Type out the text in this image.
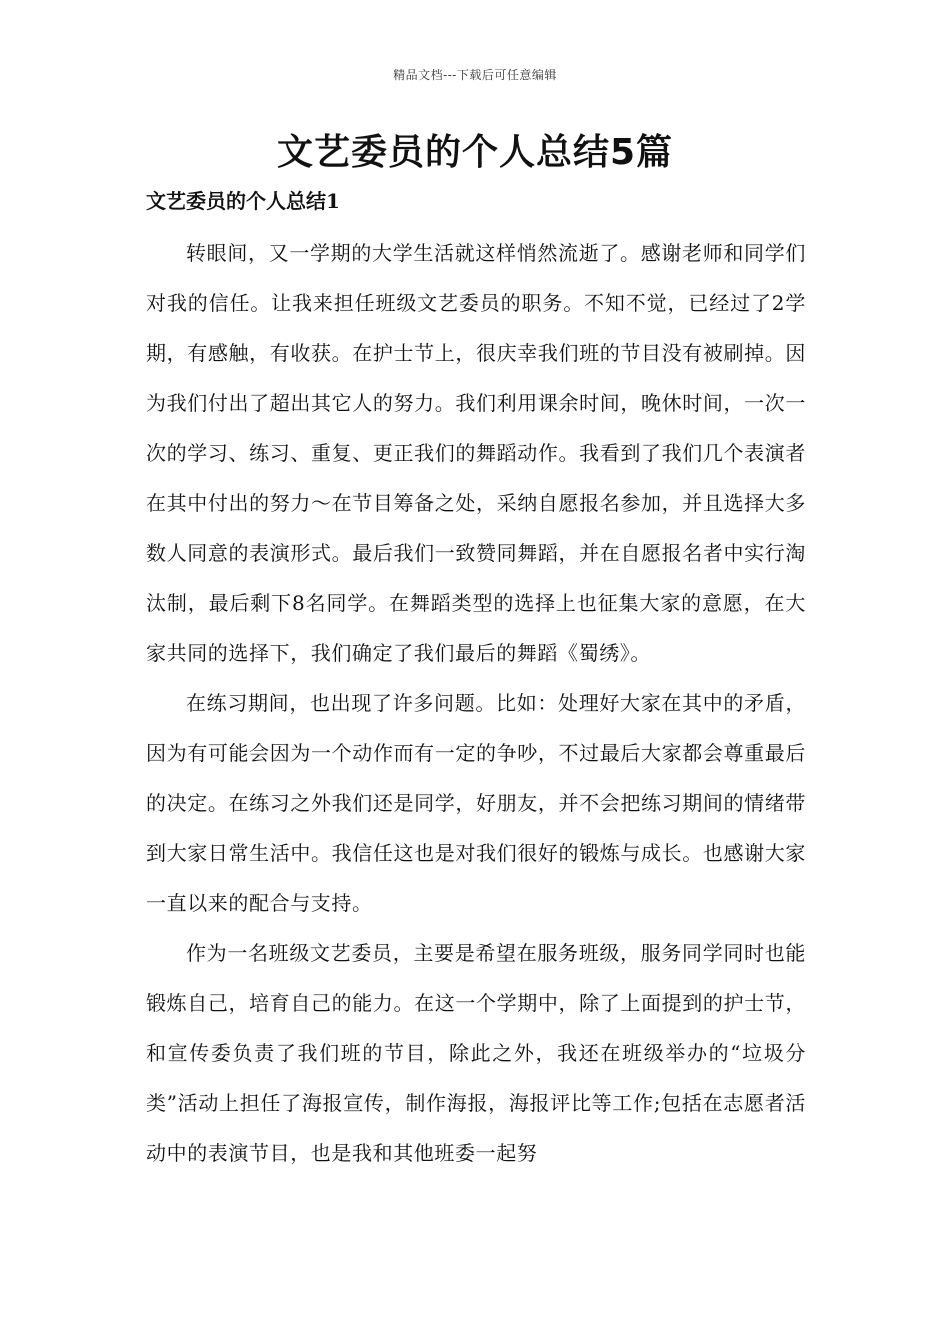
精品文档---下载后可任意编辑
文艺委员的个人总结5篇
文艺委员的个人总结1

转眼间，又一学期的大学生活就这样悄然流逝了。感谢老师和同学们对我的信任。让我来担任班级文艺委员的职务。不知不觉，已经过了2学期，有感触，有收获。在护士节上，很庆幸我们班的节目没有被刷掉。因为我们付出了超出其它人的努力。我们利用课余时间，晚休时间，一次一次的学习、练习、重复、更正我们的舞蹈动作。我看到了我们几个表演者在其中付出的努力～在节目筹备之处，采纳自愿报名参加，并且选择大多数人同意的表演形式。最后我们一致赞同舞蹈，并在自愿报名者中实行淘汰制，最后剩下8名同学。在舞蹈类型的选择上也征集大家的意愿，在大家共同的选择下，我们确定了我们最后的舞蹈《蜀绣》。

在练习期间，也出现了许多问题。比如：处理好大家在其中的矛盾，因为有可能会因为一个动作而有一定的争吵，不过最后大家都会尊重最后的决定。在练习之外我们还是同学，好朋友，并不会把练习期间的情绪带到大家日常生活中。我信任这也是对我们很好的锻炼与成长。也感谢大家一直以来的配合与支持。

作为一名班级文艺委员，主要是希望在服务班级，服务同学同时也能锻炼自己，培育自己的能力。在这一个学期中，除了上面提到的护士节，和宣传委负责了我们班的节目，除此之外，我还在班级举办的“垃圾分类”活动上担任了海报宣传，制作海报，海报评比等工作;包括在志愿者活动中的表演节目，也是我和其他班委一起努
